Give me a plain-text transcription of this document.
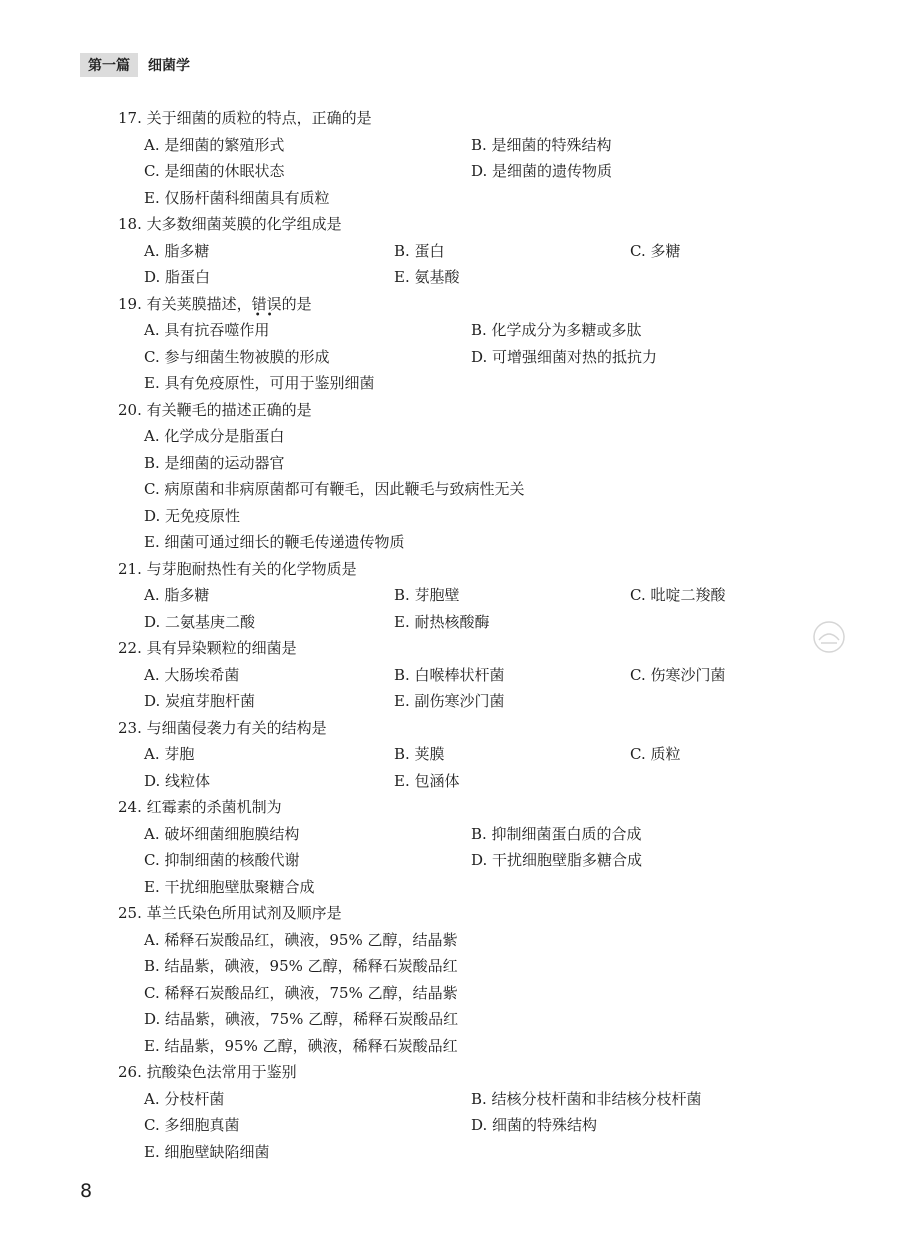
第一篇	细菌学
17. 关于细菌的质粒的特点，正确的是
A. 是细菌的繁殖形式	B. 是细菌的特殊结构
C. 是细菌的休眠状态	D. 是细菌的遗传物质
E. 仅肠杆菌科细菌具有质粒
18. 大多数细菌荚膜的化学组成是
A. 脂多糖	B. 蛋白	C. 多糖
D. 脂蛋白	E. 氨基酸
19. 有关荚膜描述，错误
••
的是
A. 具有抗吞噬作用	B. 化学成分为多糖或多肽
C. 参与细菌生物被膜的形成	D. 可增强细菌对热的抵抗力
E. 具有免疫原性，可用于鉴别细菌
20. 有关鞭毛的描述正确的是
A. 化学成分是脂蛋白
B. 是细菌的运动器官
C. 病原菌和非病原菌都可有鞭毛，因此鞭毛与致病性无关
D. 无免疫原性
E. 细菌可通过细长的鞭毛传递遗传物质
21. 与芽胞耐热性有关的化学物质是
A. 脂多糖	B. 芽胞壁	C. 吡啶二羧酸
D. 二氨基庚二酸	E. 耐热核酸酶
22. 具有异染颗粒的细菌是
A. 大肠埃希菌	B. 白喉棒状杆菌	C. 伤寒沙门菌
D. 炭疽芽胞杆菌	E. 副伤寒沙门菌
23. 与细菌侵袭力有关的结构是
A. 芽胞	B. 荚膜	C. 质粒
D. 线粒体	E. 包涵体
24. 红霉素的杀菌机制为
A. 破坏细菌细胞膜结构	B. 抑制细菌蛋白质的合成
C. 抑制细菌的核酸代谢	D. 干扰细胞壁脂多糖合成
E. 干扰细胞壁肽聚糖合成
25. 革兰氏染色所用试剂及顺序是
A. 稀释石炭酸品红，碘液，95% 乙醇，结晶紫
B. 结晶紫，碘液，95% 乙醇，稀释石炭酸品红
C. 稀释石炭酸品红，碘液，75% 乙醇，结晶紫
D. 结晶紫，碘液，75% 乙醇，稀释石炭酸品红
E. 结晶紫，95% 乙醇，碘液，稀释石炭酸品红
26. 抗酸染色法常用于鉴别
A. 分枝杆菌	B. 结核分枝杆菌和非结核分枝杆菌
C. 多细胞真菌	D. 细菌的特殊结构
E. 细胞壁缺陷细菌
8
